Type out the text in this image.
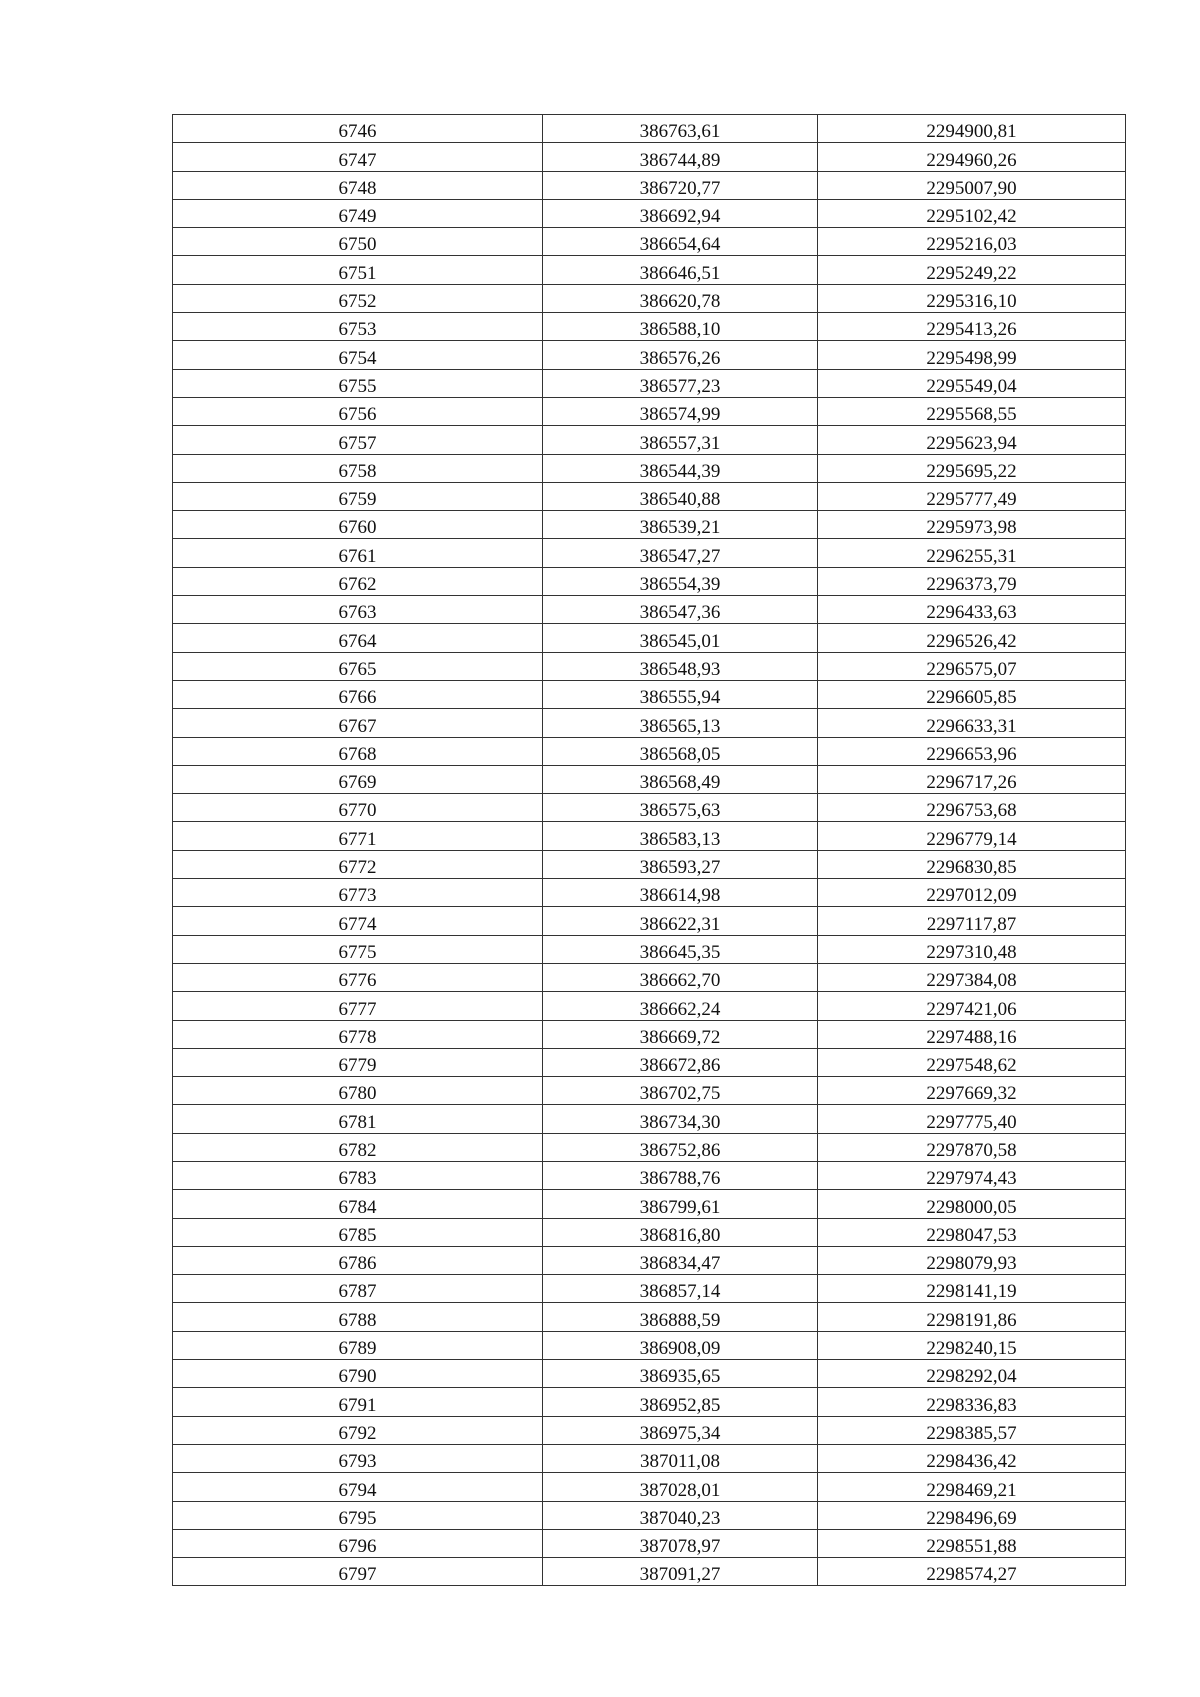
6746	386763,61	2294900,81
6747	386744,89	2294960,26
6748	386720,77	2295007,90
6749	386692,94	2295102,42
6750	386654,64	2295216,03
6751	386646,51	2295249,22
6752	386620,78	2295316,10
6753	386588,10	2295413,26
6754	386576,26	2295498,99
6755	386577,23	2295549,04
6756	386574,99	2295568,55
6757	386557,31	2295623,94
6758	386544,39	2295695,22
6759	386540,88	2295777,49
6760	386539,21	2295973,98
6761	386547,27	2296255,31
6762	386554,39	2296373,79
6763	386547,36	2296433,63
6764	386545,01	2296526,42
6765	386548,93	2296575,07
6766	386555,94	2296605,85
6767	386565,13	2296633,31
6768	386568,05	2296653,96
6769	386568,49	2296717,26
6770	386575,63	2296753,68
6771	386583,13	2296779,14
6772	386593,27	2296830,85
6773	386614,98	2297012,09
6774	386622,31	2297117,87
6775	386645,35	2297310,48
6776	386662,70	2297384,08
6777	386662,24	2297421,06
6778	386669,72	2297488,16
6779	386672,86	2297548,62
6780	386702,75	2297669,32
6781	386734,30	2297775,40
6782	386752,86	2297870,58
6783	386788,76	2297974,43
6784	386799,61	2298000,05
6785	386816,80	2298047,53
6786	386834,47	2298079,93
6787	386857,14	2298141,19
6788	386888,59	2298191,86
6789	386908,09	2298240,15
6790	386935,65	2298292,04
6791	386952,85	2298336,83
6792	386975,34	2298385,57
6793	387011,08	2298436,42
6794	387028,01	2298469,21
6795	387040,23	2298496,69
6796	387078,97	2298551,88
6797	387091,27	2298574,27
